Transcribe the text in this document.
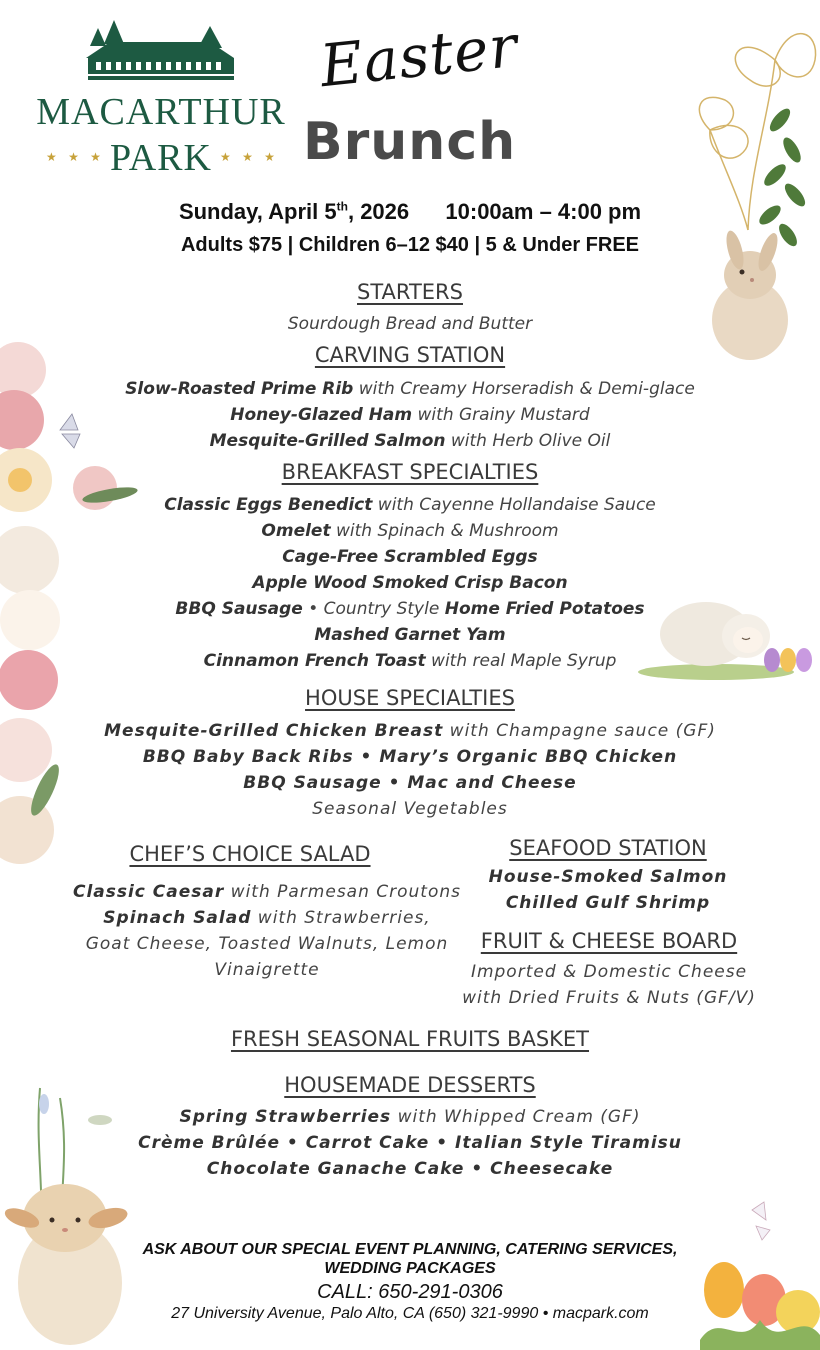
MACARTHUR
★ ★ ★ PARK ★ ★ ★
Easter
Brunch
Sunday, April 5th, 2026 10:00am – 4:00 pm
Adults $75 | Children 6–12 $40 | 5 & Under FREE
STARTERS
Sourdough Bread and Butter
CARVING STATION
Slow-Roasted Prime Rib with Creamy Horseradish & Demi-glace
Honey-Glazed Ham with Grainy Mustard
Mesquite-Grilled Salmon with Herb Olive Oil
BREAKFAST SPECIALTIES
Classic Eggs Benedict with Cayenne Hollandaise Sauce
Omelet with Spinach & Mushroom
Cage-Free Scrambled Eggs
Apple Wood Smoked Crisp Bacon
BBQ Sausage • Country Style Home Fried Potatoes
Mashed Garnet Yam
Cinnamon French Toast with real Maple Syrup
HOUSE SPECIALTIES
Mesquite-Grilled Chicken Breast with Champagne sauce (GF)
BBQ Baby Back Ribs • Mary’s Organic BBQ Chicken
BBQ Sausage • Mac and Cheese
Seasonal Vegetables
CHEF’S CHOICE SALAD
Classic Caesar with Parmesan Croutons
Spinach Salad with Strawberries,
Goat Cheese, Toasted Walnuts, Lemon
Vinaigrette
SEAFOOD STATION
House-Smoked Salmon
Chilled Gulf Shrimp
FRUIT & CHEESE BOARD
Imported & Domestic Cheese
with Dried Fruits & Nuts (GF/V)
FRESH SEASONAL FRUITS BASKET
HOUSEMADE DESSERTS
Spring Strawberries with Whipped Cream (GF)
Crème Brûlée • Carrot Cake • Italian Style Tiramisu
Chocolate Ganache Cake • Cheesecake
ASK ABOUT OUR SPECIAL EVENT PLANNING, CATERING SERVICES,
WEDDING PACKAGES
CALL: 650-291-0306
27 University Avenue, Palo Alto, CA (650) 321-9990 • macpark.com
